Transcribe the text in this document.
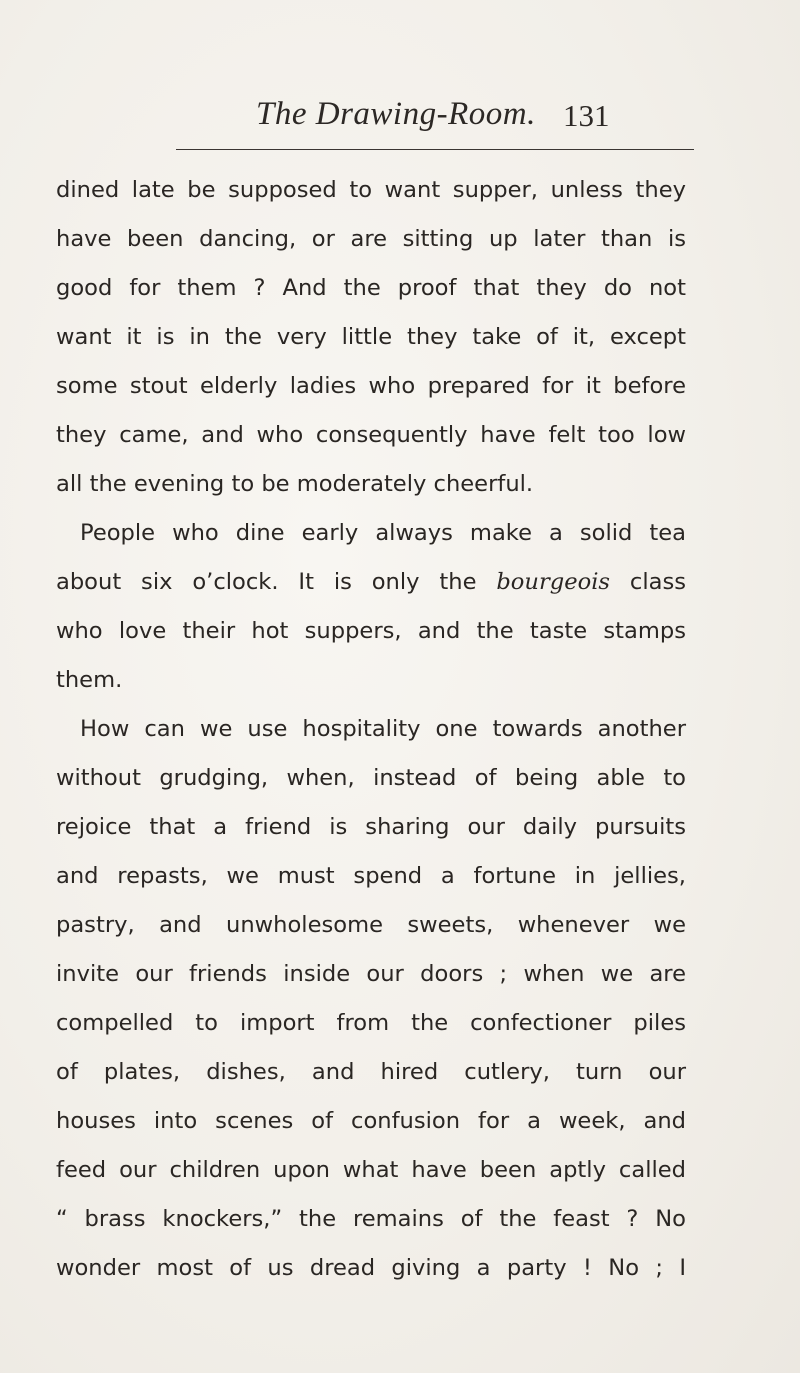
The Drawing-Room. 131
dined late be supposed to want supper, unless they
have been dancing, or are sitting up later than is
good for them ? And the proof that they do not
want it is in the very little they take of it, except
some stout elderly ladies who prepared for it before
they came, and who consequently have felt too low
all the evening to be moderately cheerful.
People who dine early always make a solid tea
about six o’clock. It is only the bourgeois class
who love their hot suppers, and the taste stamps
them.
How can we use hospitality one towards another
without grudging, when, instead of being able to
rejoice that a friend is sharing our daily pursuits
and repasts, we must spend a fortune in jellies,
pastry, and unwholesome sweets, whenever we
invite our friends inside our doors ; when we are
compelled to import from the confectioner piles
of plates, dishes, and hired cutlery, turn our
houses into scenes of confusion for a week, and
feed our children upon what have been aptly called
“ brass knockers,” the remains of the feast ? No
wonder most of us dread giving a party ! No ; I
